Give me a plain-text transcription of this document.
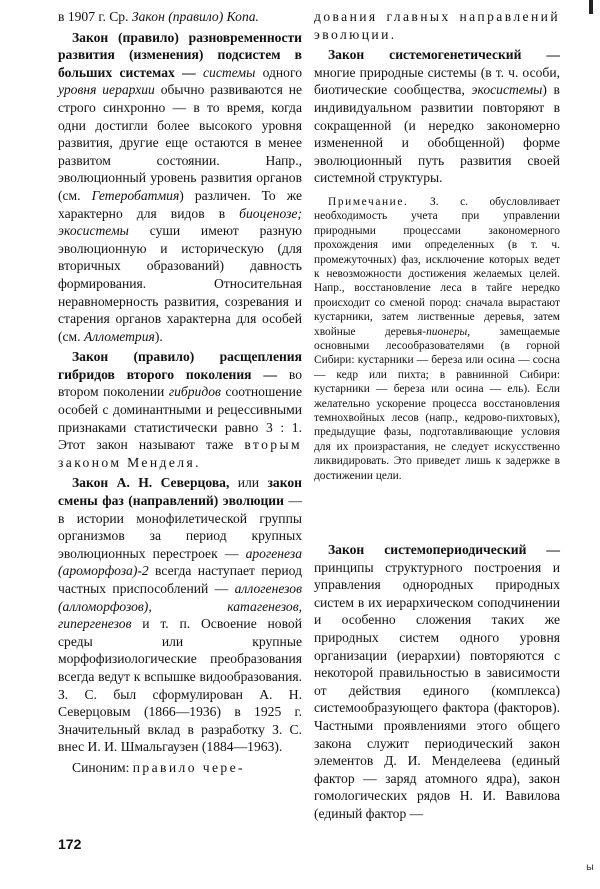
в 1907 г. Ср. Закон (правило) Копа.

Закон (правило) разновременности развития (изменения) подсистем в больших системах — системы одного уровня иерархии обычно развиваются не строго синхронно — в то время, когда одни достигли более высокого уровня развития, другие еще остаются в менее развитом состоянии. Напр., эволюционный уровень развития органов (см. Гетеробатмия) различен. То же характерно для видов в биоценозе; экосистемы суши имеют разную эволюционную и историческую (для вторичных образований) давность формирования. Относительная неравномерность развития, созревания и старения органов характерна для особей (см. Аллометрия).

Закон (правило) расщепления гибридов второго поколения — во втором поколении гибридов соотношение особей с доминантными и рецессивными признаками статистически равно 3 : 1. Этот закон называют таже вторым законом Менделя.

Закон А. Н. Северцова, или закон смены фаз (направлений) эволюции — в истории монофилетической группы организмов за период крупных эволюционных перестроек — арогенеза (ароморфоза)-2 всегда наступает период частных приспособлений — аллогенезов (алломорфозов), катагенезов, гипергенезов и т. п. Освоение новой среды или крупные морфофизиологические преобразования всегда ведут к вспышке видообразования. З. С. был сформулирован А. Н. Северцовым (1866—1936) в 1925 г. Значительный вклад в разработку З. С. внес И. И. Шмальгаузен (1884—1963).

Синоним: правило чере-

дования главных направлений эволюции.

Закон системогенетический — многие природные системы (в т. ч. особи, биотические сообщества, экосистемы) в индивидуальном развитии повторяют в сокращенной (и нередко закономерно измененной и обобщенной) форме эволюционный путь развития своей системной структуры.

Примечание. З. с. обусловливает необходимость учета при управлении природными процессами закономерного прохождения ими определенных (в т. ч. промежуточных) фаз, исключение которых ведет к невозможности достижения желаемых целей. Напр., восстановление леса в тайге нередко происходит со сменой пород: сначала вырастают кустарники, затем лиственные деревья, затем хвойные деревья-пионеры, замещаемые основными лесообразователями (в горной Сибири: кустарники — береза или осина — сосна — кедр или пихта; в равнинной Сибири: кустарники — береза или осина — ель). Если желательно ускорение процесса восстановления темнохвойных лесов (напр., кедрово-пихтовых), предыдущие фазы, подготавливающие условия для их произрастания, не следует искусственно ликвидировать. Это приведет лишь к задержке в достижении цели.

Закон системопериодический — принципы структурного построения и управления однородных природных систем в их иерархическом соподчинении и особенно сложения таких же природных систем одного уровня организации (иерархии) повторяются с некоторой правильностью в зависимости от действия единого (комплекса) системообразующего фактора (факторов). Частными проявлениями этого общего закона служит периодический закон элементов Д. И. Менделеева (единый фактор — заряд атомного ядра), закон гомологических рядов Н. И. Вавилова (единый фактор —

172
ы
